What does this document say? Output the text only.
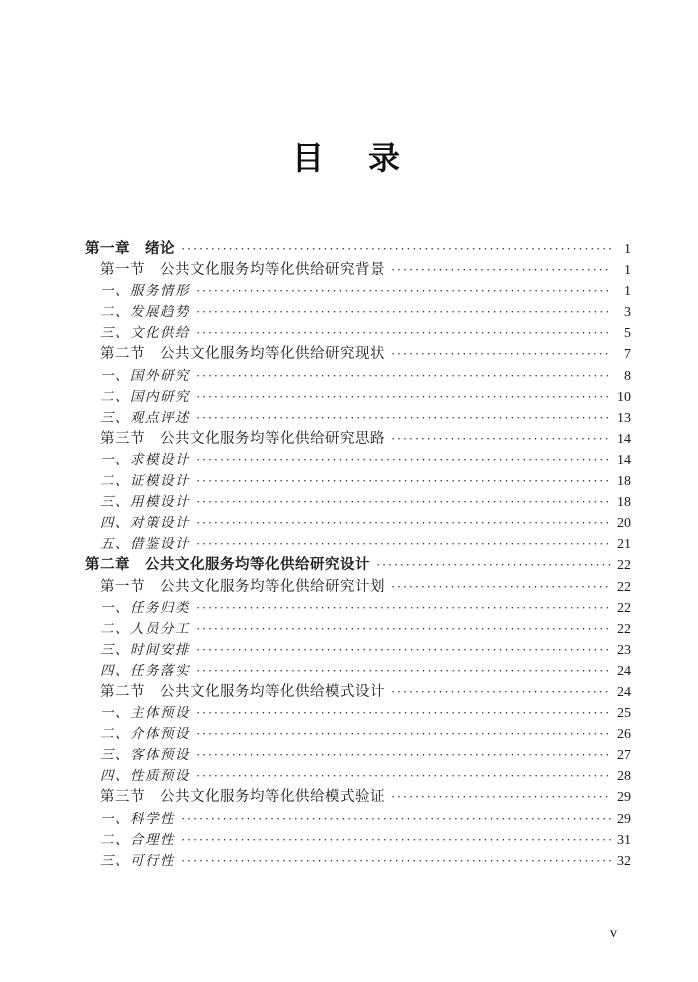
目　录
第一章　绪论 ·····	1
第一节　公共文化服务均等化供给研究背景 ·····	1
一、服务情形 ·····	1
二、发展趋势 ·····	3
三、文化供给 ·····	5
第二节　公共文化服务均等化供给研究现状 ·····	7
一、国外研究 ·····	8
二、国内研究 ·····	10
三、观点评述 ·····	13
第三节　公共文化服务均等化供给研究思路 ·····	14
一、求模设计 ·····	14
二、证模设计 ·····	18
三、用模设计 ·····	18
四、对策设计 ·····	20
五、借鉴设计 ·····	21
第二章　公共文化服务均等化供给研究设计 ·····	22
第一节　公共文化服务均等化供给研究计划 ·····	22
一、任务归类 ·····	22
二、人员分工 ·····	22
三、时间安排 ·····	23
四、任务落实 ·····	24
第二节　公共文化服务均等化供给模式设计 ·····	24
一、主体预设 ·····	25
二、介体预设 ·····	26
三、客体预设 ·····	27
四、性质预设 ·····	28
第三节　公共文化服务均等化供给模式验证 ·····	29
一、科学性 ·····	29
二、合理性 ·····	31
三、可行性 ·····	32
v
